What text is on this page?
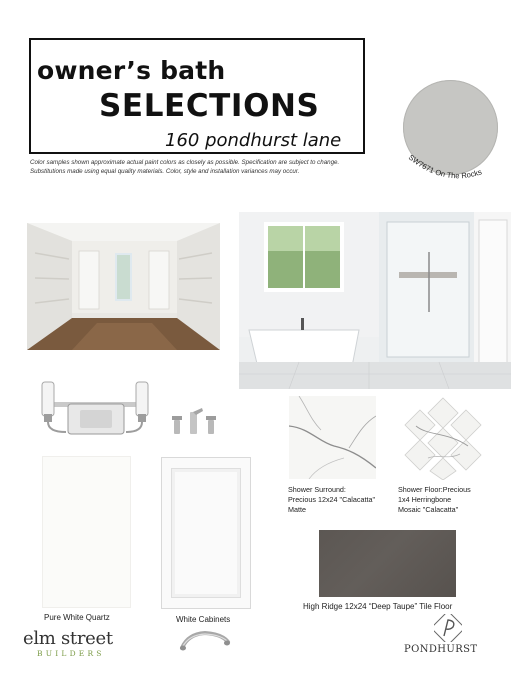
owner’s bath
SELECTIONS
160 pondhurst lane
Color samples shown approximate actual paint colors as closely as possible. Specification are subject to change.
Substitutions made using equal quality materials. Color, style and installation variances may occur.
SW7671 On The Rocks
Pure White Quartz	White Cabinets
Shower Surround:
Precious 12x24 "Calacatta"
Matte
Shower Floor:Precious
1x4 Herringbone
Mosaic "Calacatta"
High Ridge 12x24 “Deep Taupe” Tile Floor
elm street
BUILDERS	PONDHURST
